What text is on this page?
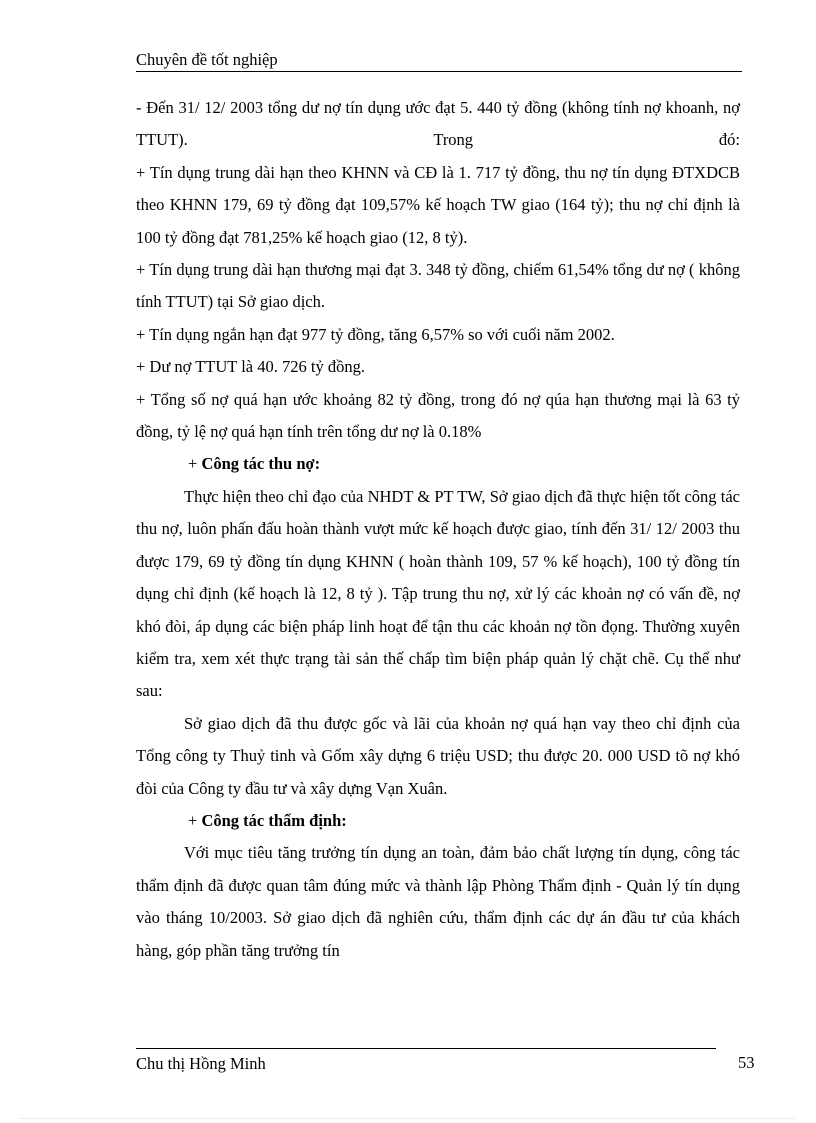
Chuyên đề tốt nghiệp

- Đến 31/ 12/ 2003 tổng dư nợ tín dụng ước đạt 5. 440 tỷ đồng (không tính nợ khoanh, nợ TTUT). Trong đó:

+ Tín dụng trung dài hạn theo KHNN và CĐ là 1. 717 tỷ đồng, thu nợ tín dụng ĐTXDCB theo KHNN 179, 69 tỷ đồng đạt 109,57% kế hoạch TW giao (164 tỷ); thu nợ chỉ định là 100 tỷ đồng đạt 781,25% kế hoạch giao (12, 8 tỷ).

+ Tín dụng trung dài hạn thương mại đạt 3. 348 tỷ đồng, chiếm 61,54% tổng dư nợ ( không tính TTUT) tại Sở giao dịch.

+ Tín dụng ngắn hạn đạt 977 tỷ đồng, tăng 6,57% so với cuối năm 2002.

+ Dư nợ TTUT là 40. 726 tỷ đồng.

+ Tổng số nợ quá hạn ước khoảng 82 tỷ đồng, trong đó nợ qúa hạn thương mại là 63 tỷ đồng, tỷ lệ nợ quá hạn tính trên tổng dư nợ là 0.18%

+ Công tác thu nợ:

Thực hiện theo chỉ đạo của NHDT & PT TW, Sở giao dịch đã thực hiện tốt công tác thu nợ, luôn phấn đấu hoàn thành vượt mức kế hoạch được giao, tính đến 31/ 12/ 2003 thu được 179, 69 tỷ đồng tín dụng KHNN ( hoàn thành 109, 57 % kế hoạch), 100 tỷ đồng tín dụng chỉ định (kế hoạch là 12, 8 tỷ ). Tập trung thu nợ, xử lý các khoản nợ có vấn đề, nợ khó đòi, áp dụng các biện pháp linh hoạt để tận thu các khoản nợ tồn đọng. Thường xuyên kiểm tra, xem xét thực trạng tài sản thế chấp tìm biện pháp quản lý chặt chẽ. Cụ thể như sau:

Sở giao dịch đã thu được gốc và lãi của khoản nợ quá hạn vay theo chỉ định của Tổng công ty Thuỷ tinh và Gốm xây dựng 6 triệu USD; thu được 20. 000 USD tõ nợ khó đòi của Công ty đầu tư và xây dựng Vạn Xuân.

+ Công tác thẩm định:

Với mục tiêu tăng trưởng tín dụng an toàn, đảm bảo chất lượng tín dụng, công tác thẩm định đã được quan tâm đúng mức và thành lập Phòng Thẩm định - Quản lý tín dụng vào tháng 10/2003. Sở giao dịch đã nghiên cứu, thẩm định các dự án đầu tư của khách hàng, góp phần tăng trưởng tín

Chu thị Hồng Minh	53
